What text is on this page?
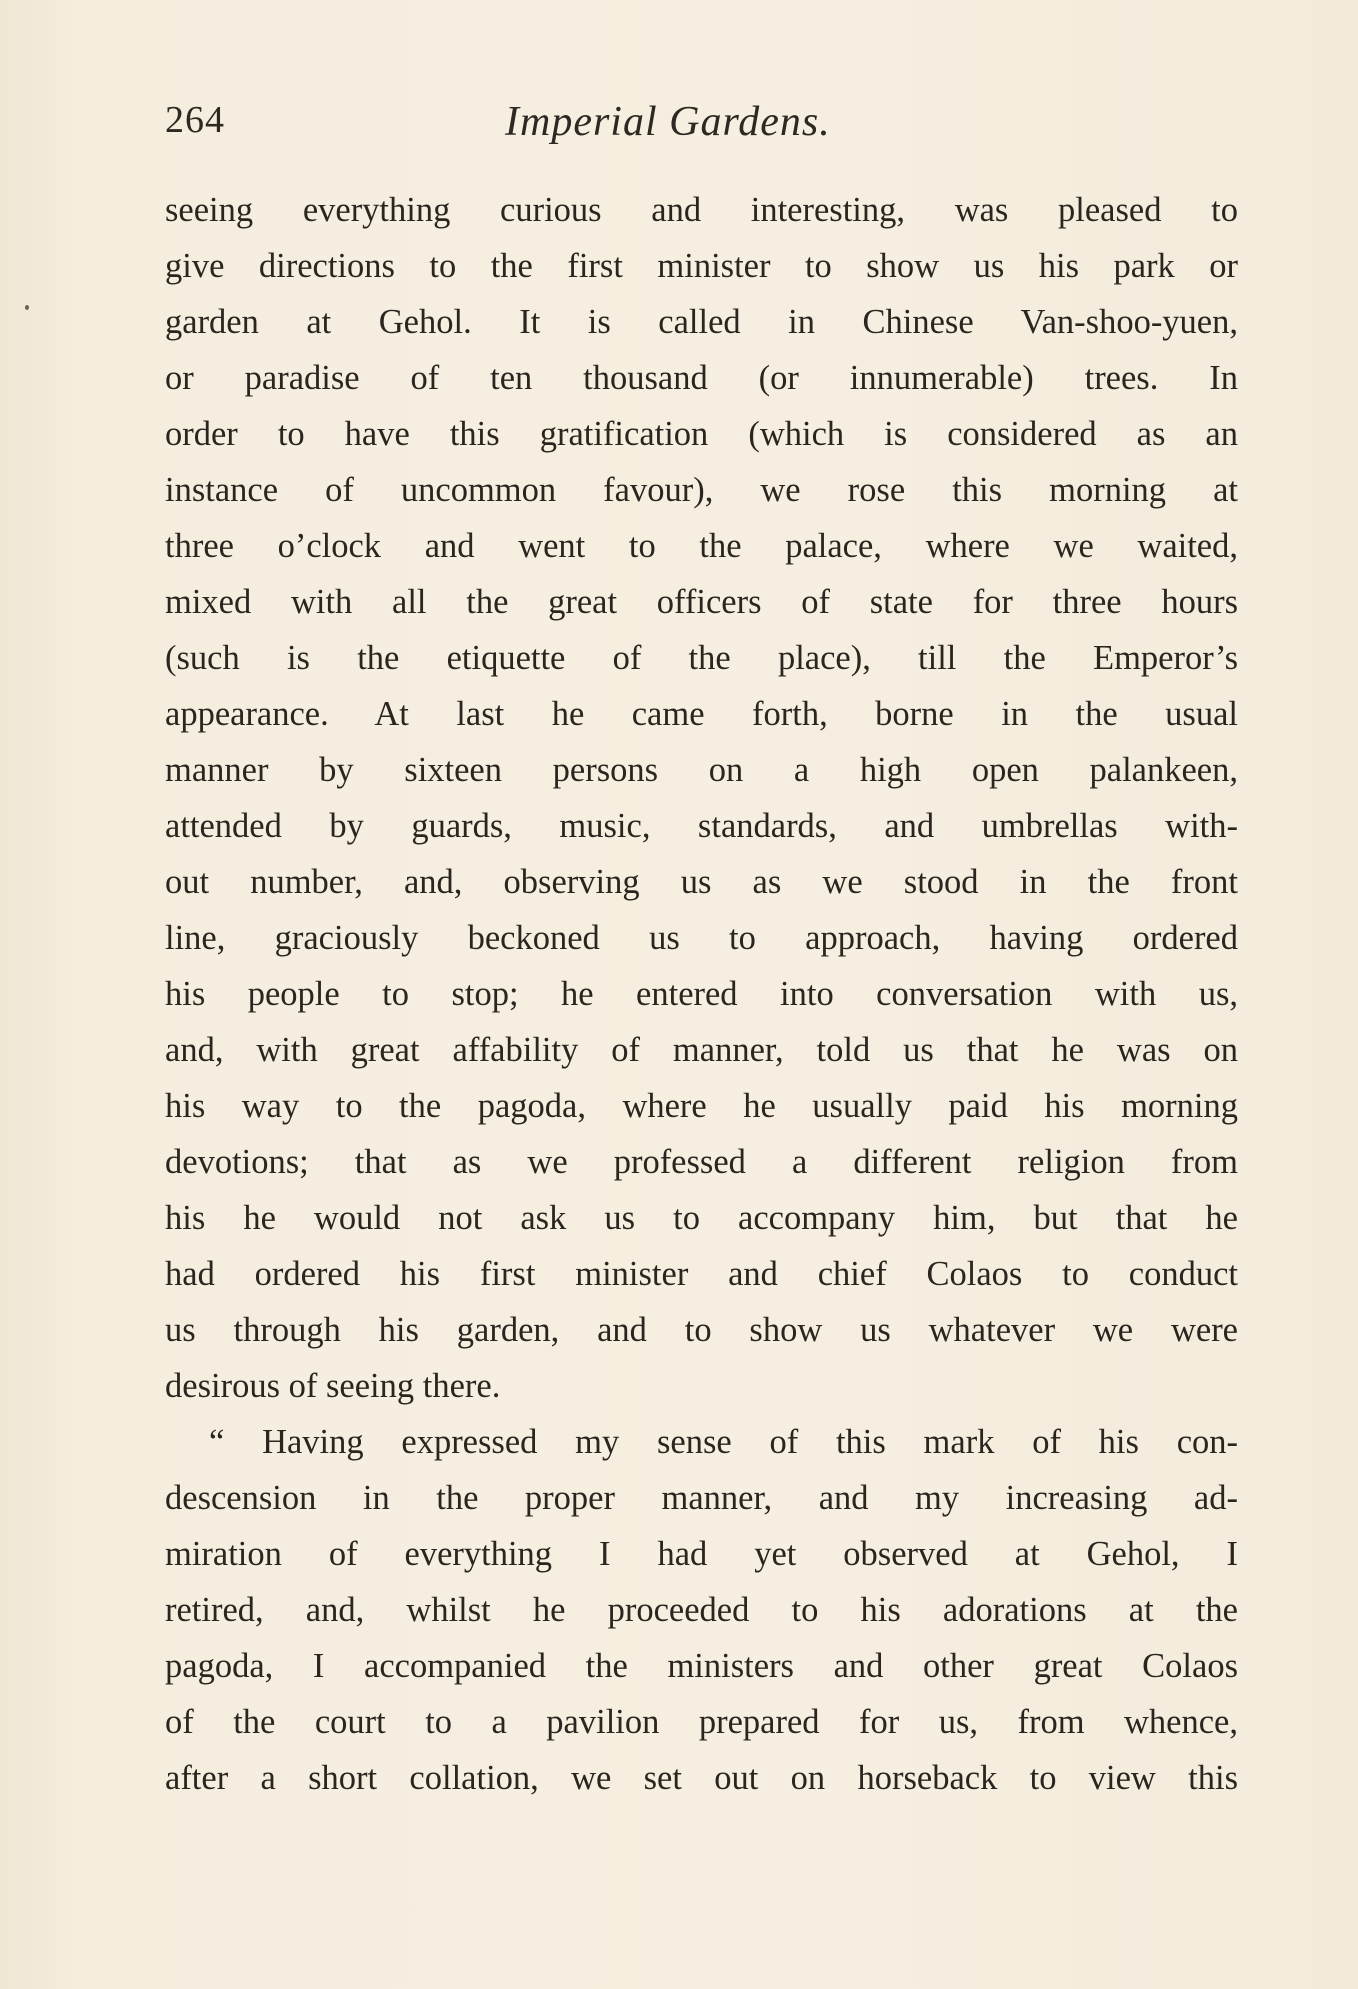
264	Imperial Gardens.
seeing everything curious and interesting, was pleased to
give directions to the first minister to show us his park or
garden at Gehol. It is called in Chinese Van-shoo-yuen,
or paradise of ten thousand (or innumerable) trees. In
order to have this gratification (which is considered as an
instance of uncommon favour), we rose this morning at
three o’clock and went to the palace, where we waited,
mixed with all the great officers of state for three hours
(such is the etiquette of the place), till the Emperor’s
appearance. At last he came forth, borne in the usual
manner by sixteen persons on a high open palankeen,
attended by guards, music, standards, and umbrellas with-
out number, and, observing us as we stood in the front
line, graciously beckoned us to approach, having ordered
his people to stop; he entered into conversation with us,
and, with great affability of manner, told us that he was on
his way to the pagoda, where he usually paid his morning
devotions; that as we professed a different religion from
his he would not ask us to accompany him, but that he
had ordered his first minister and chief Colaos to conduct
us through his garden, and to show us whatever we were
desirous of seeing there.
“ Having expressed my sense of this mark of his con-
descension in the proper manner, and my increasing ad-
miration of everything I had yet observed at Gehol, I
retired, and, whilst he proceeded to his adorations at the
pagoda, I accompanied the ministers and other great Colaos
of the court to a pavilion prepared for us, from whence,
after a short collation, we set out on horseback to view this
